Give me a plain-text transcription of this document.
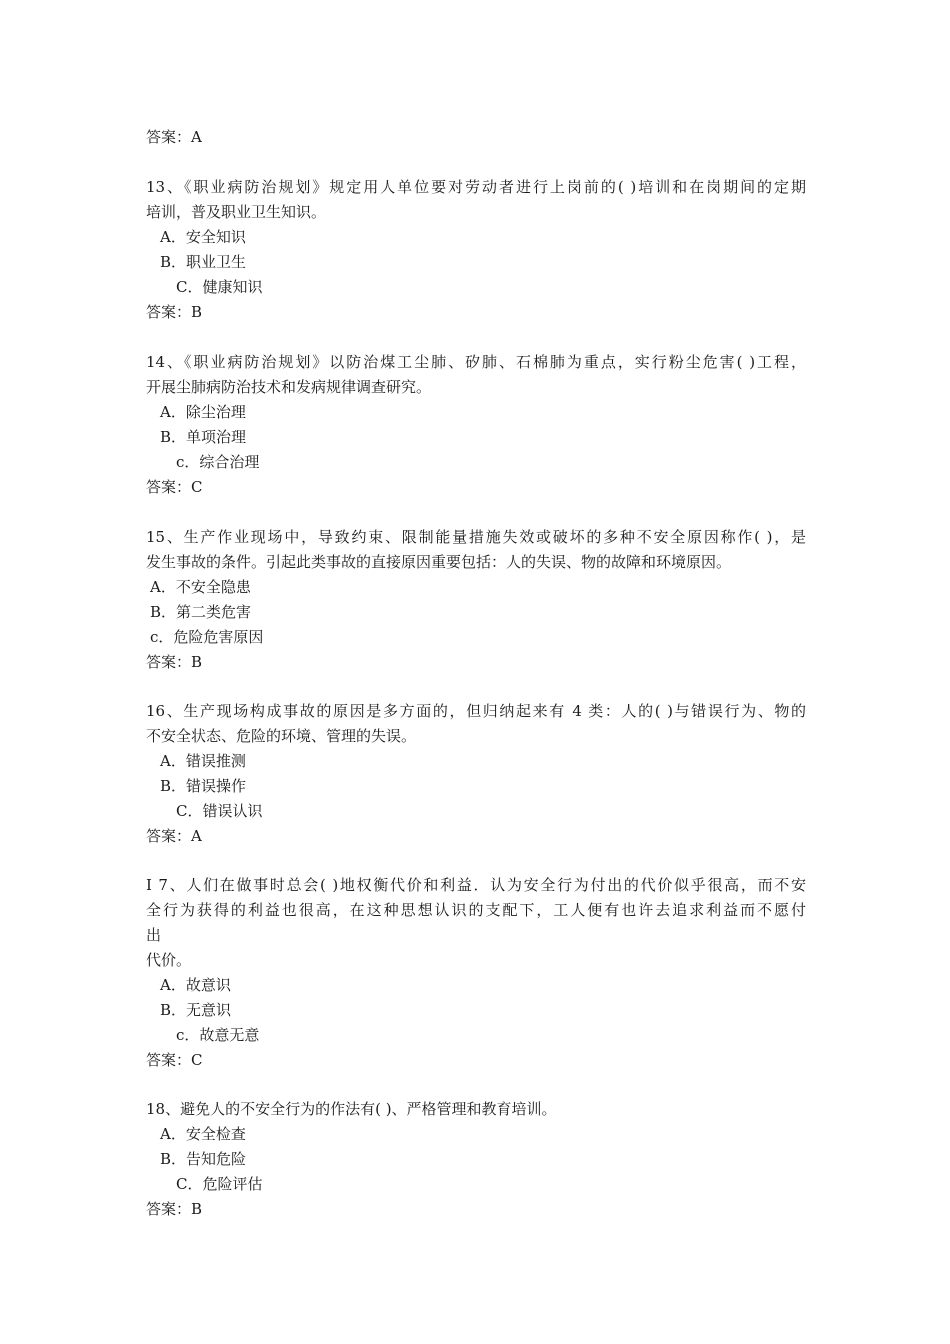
答案：A
13、《职业病防治规划》规定用人单位要对劳动者进行上岗前的( )培训和在岗期间的定期
培训，普及职业卫生知识。
A．安全知识
B．职业卫生
C．健康知识
答案：B
14、《职业病防治规划》以防治煤工尘肺、矽肺、石棉肺为重点，实行粉尘危害( )工程，
开展尘肺病防治技术和发病规律调查研究。
A．除尘治理
B．单项治理
c．综合治理
答案：C
15、生产作业现场中，导致约束、限制能量措施失效或破坏的多种不安全原因称作( )，是
发生事故的条件。引起此类事故的直接原因重要包括：人的失误、物的故障和环境原因。
A．不安全隐患
B．第二类危害
c．危险危害原因
答案：B
16、生产现场构成事故的原因是多方面的，但归纳起来有 4 类：人的( )与错误行为、物的
不安全状态、危险的环境、管理的失误。
A．错误推测
B．错误操作
C．错误认识
答案：A
I 7、人们在做事时总会( )地权衡代价和利益．认为安全行为付出的代价似乎很高，而不安
全行为获得的利益也很高，在这种思想认识的支配下，工人便有也许去追求利益而不愿付
出
代价。
A．故意识
B．无意识
c．故意无意
答案：C
18、避免人的不安全行为的作法有( )、严格管理和教育培训。
A．安全检查
B．告知危险
C．危险评估
答案：B
